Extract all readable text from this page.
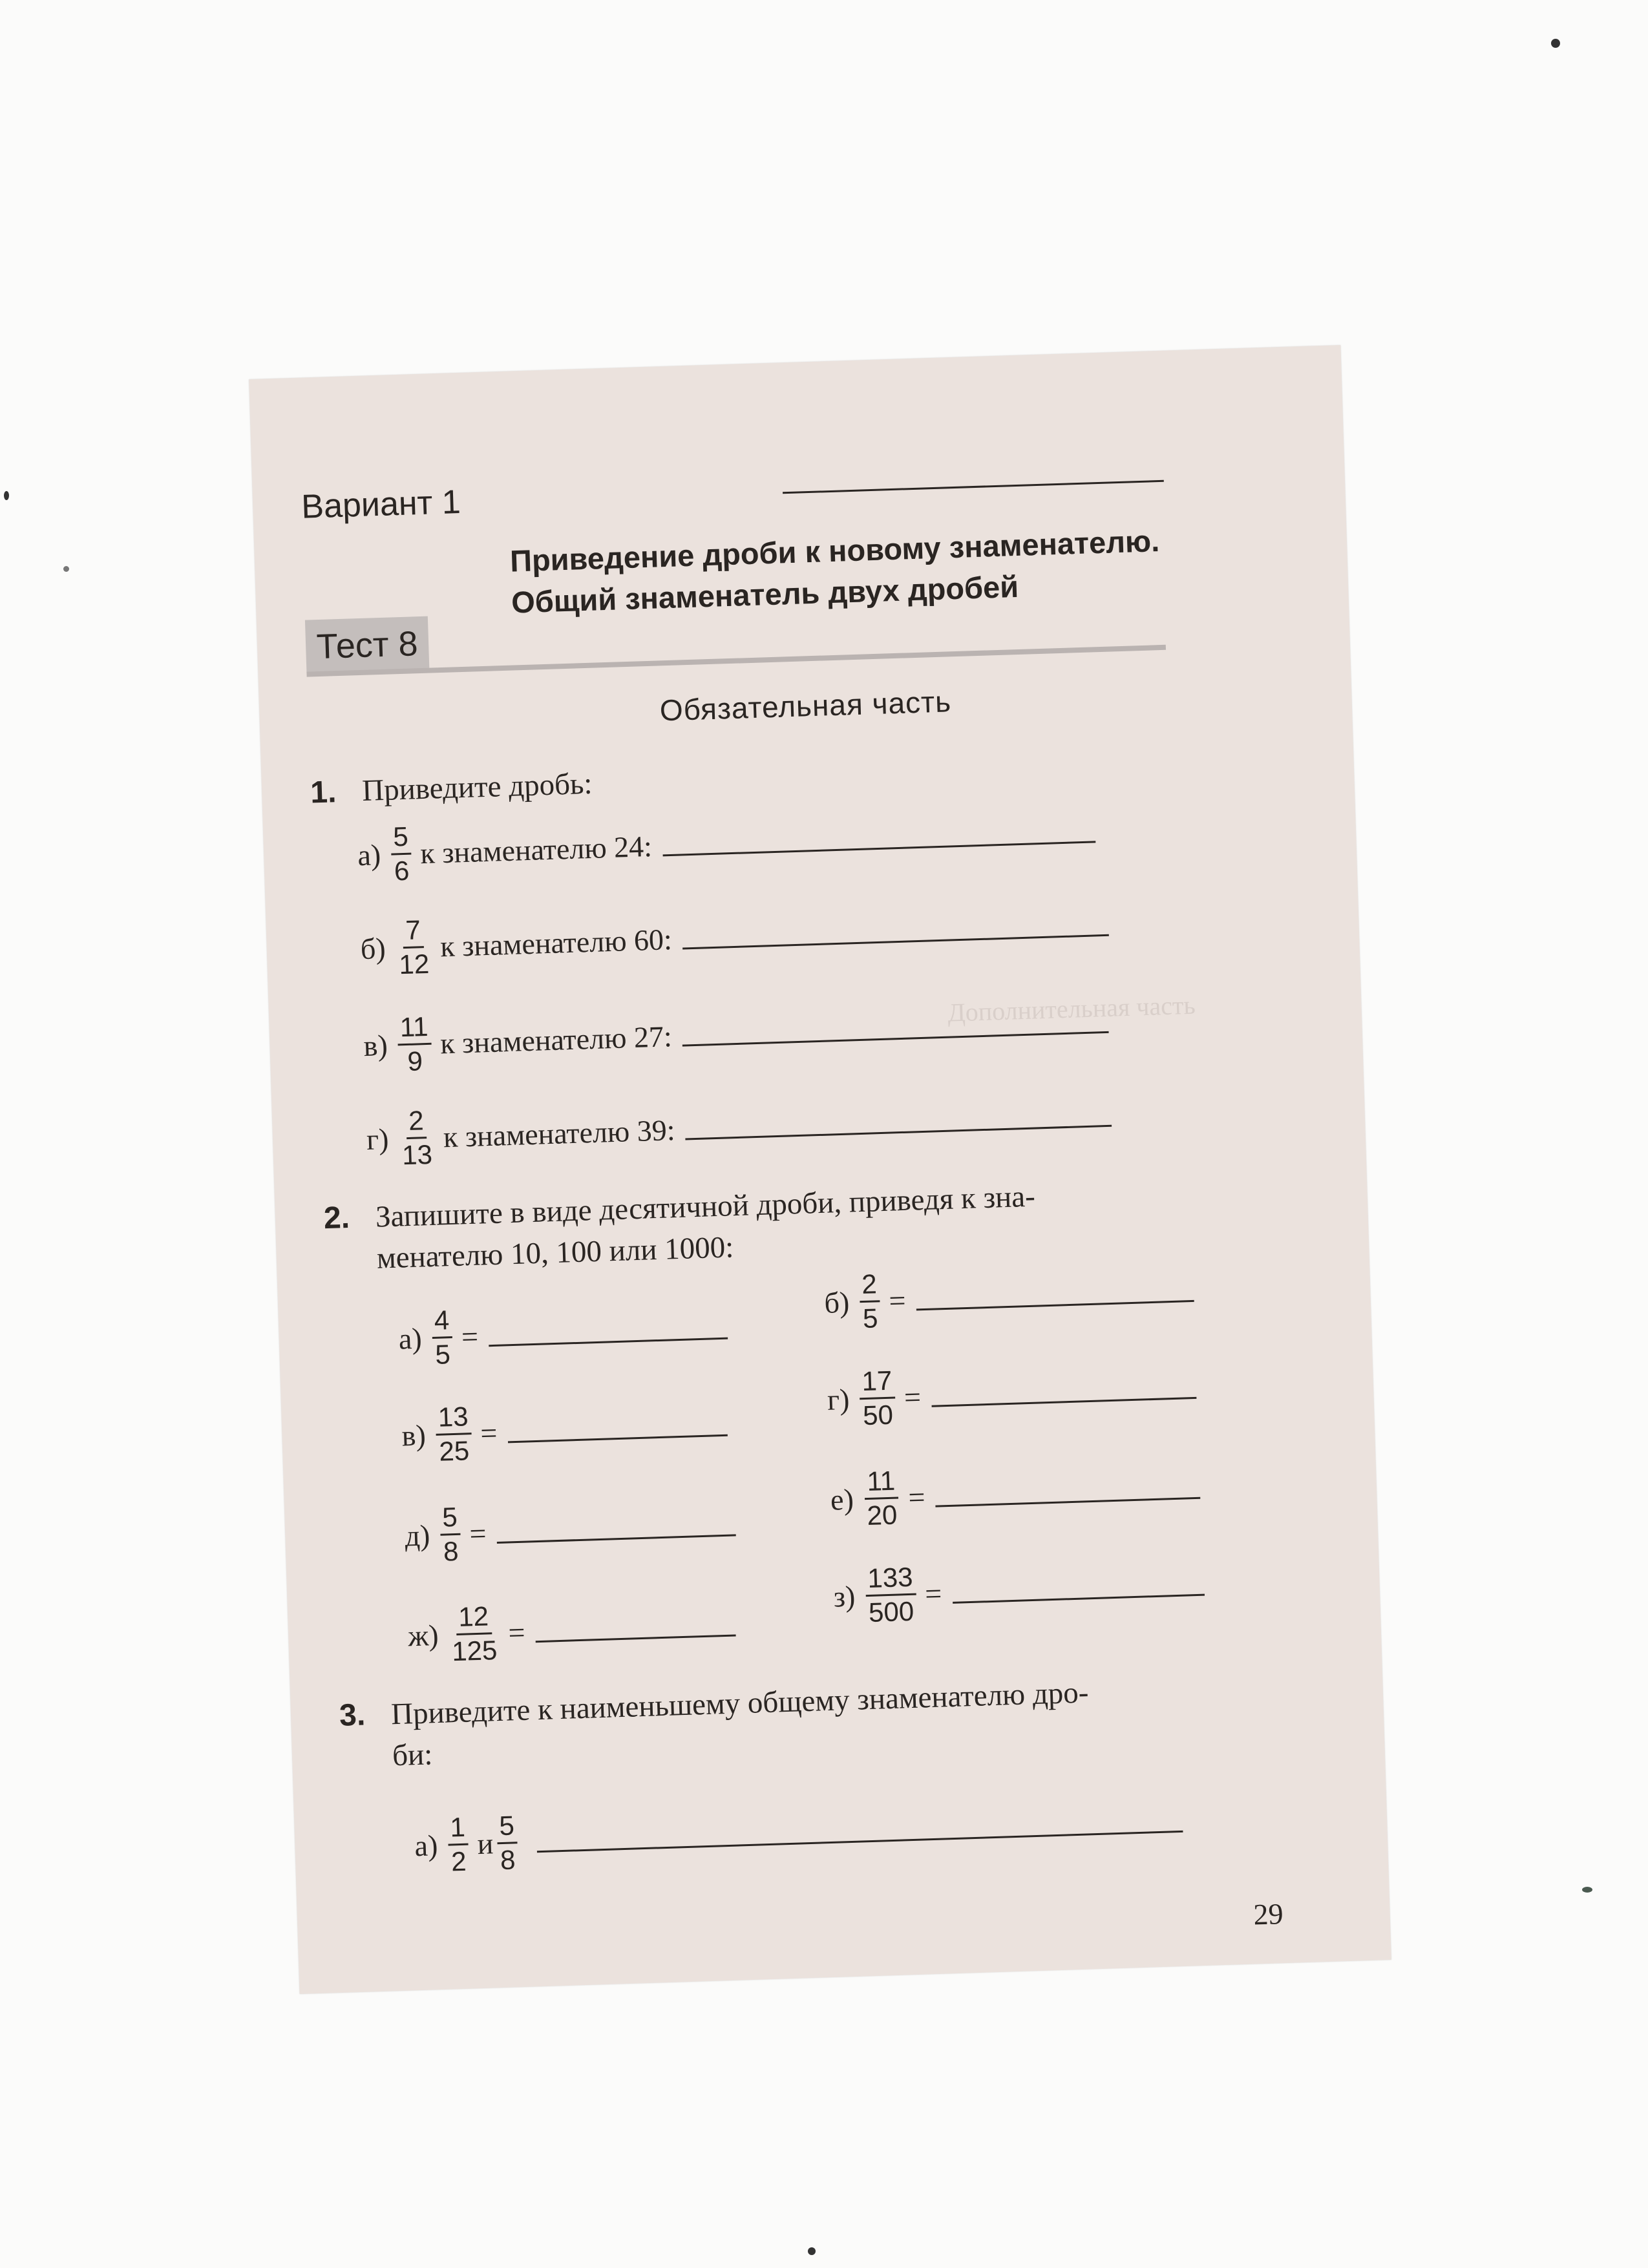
Дополнительная часть
Вариант 1
Приведение дроби к новому знаменателю.
Общий знаменатель двух дробей
Тест 8
Обязательная часть
1. Приведите дробь:
$а) \frac{5}{6}$ к знаменателю 24:
$б) \frac{7}{12}$ к знаменателю 60:
$в) \frac{11}{9}$ к знаменателю 27:
$г) \frac{2}{13}$ к знаменателю 39:
2. Запишите в виде десятичной дроби, приведя к зна-
менателю 10, 100 или 1000:
$а) \frac{4}{5}$ =
$в) \frac{13}{25}$ =
$д) \frac{5}{8}$ =
$ж) \frac{12}{125}$ =
$б) \frac{2}{5}$ =
$г) \frac{17}{50}$ =
$е) \frac{11}{20}$ =
$з) \frac{133}{500}$ =
3. Приведите к наименьшему общему знаменателю дро-
би:
$а) \frac{1}{2}$ и $\frac{5}{8}$
29
